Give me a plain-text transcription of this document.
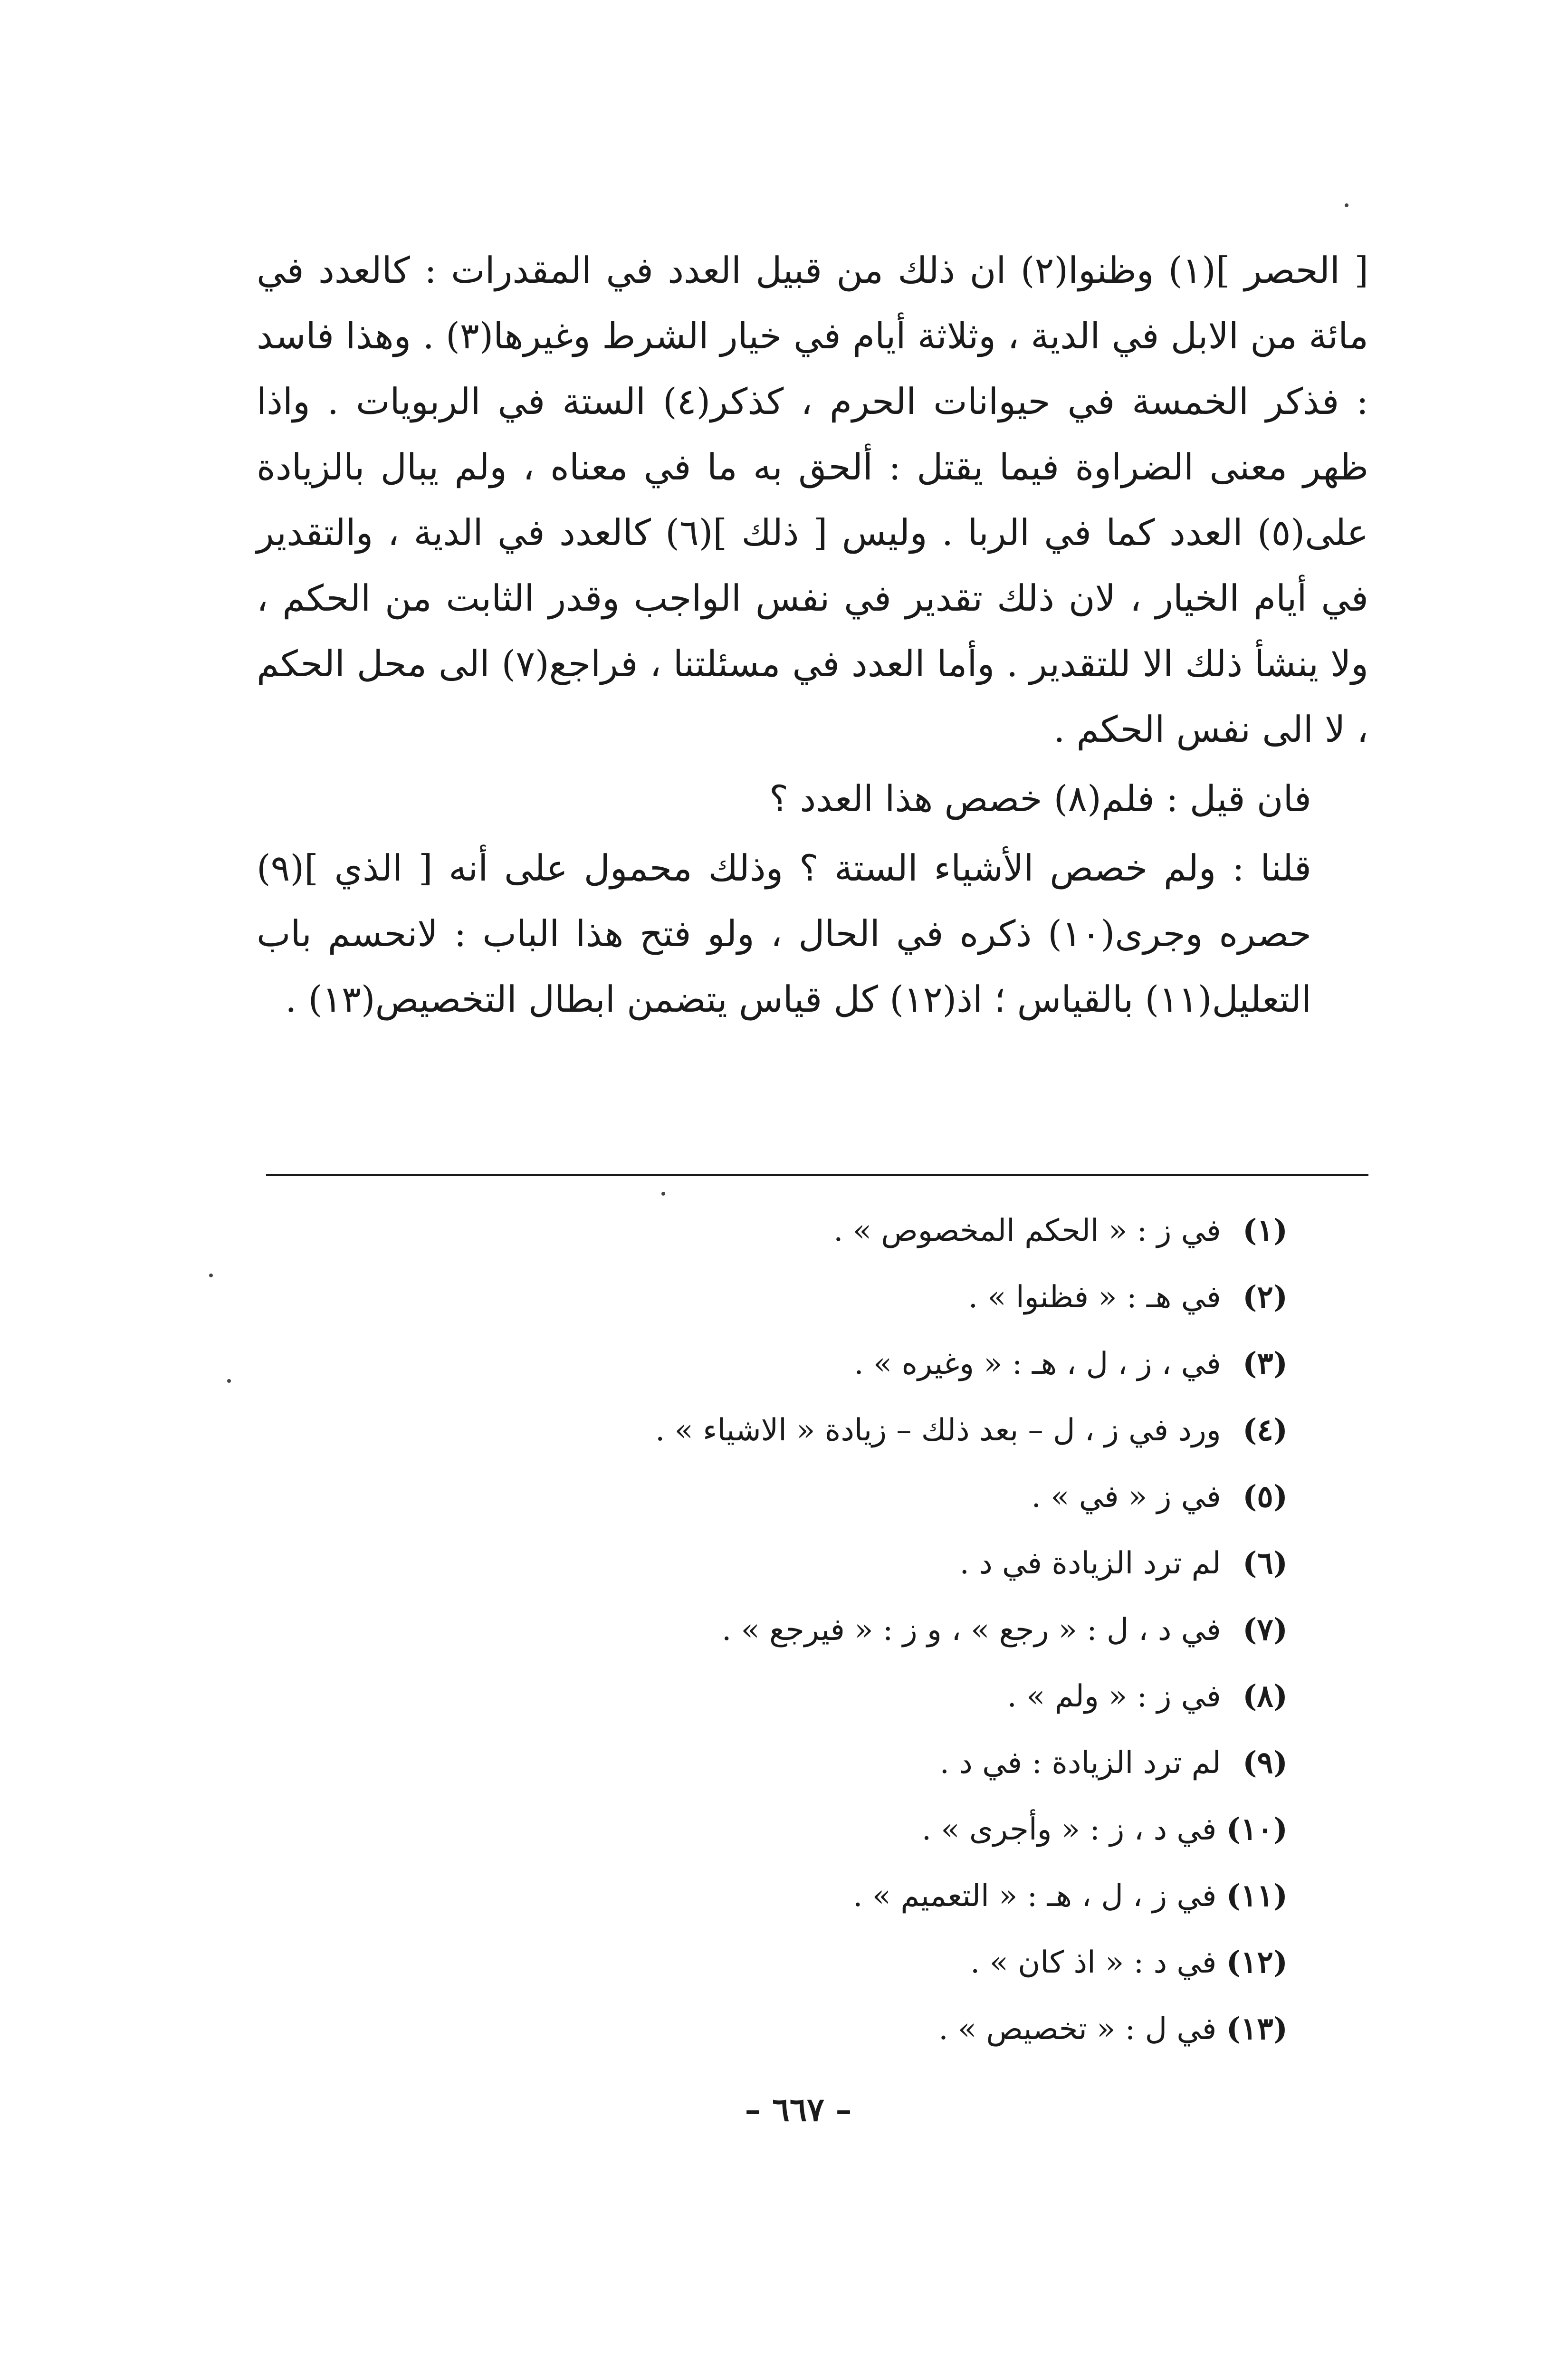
[ الحصر ](١) وظنوا(٢) ان ذلك من قبيل العدد في المقدرات : كالعدد في مائة من الابل في الدية ، وثلاثة أيام في خيار الشرط وغيرها(٣) . وهذا فاسد : فذكر الخمسة في حيوانات الحرم ، كذكر(٤) الستة في الربويات . واذا ظهر معنى الضراوة فيما يقتل : ألحق به ما في معناه ، ولم يبال بالزيادة على(٥) العدد كما في الربا . وليس [ ذلك ](٦) كالعدد في الدية ، والتقدير في أيام الخيار ، لان ذلك تقدير في نفس الواجب وقدر الثابت من الحكم ، ولا ينشأ ذلك الا للتقدير . وأما العدد في مسئلتنا ، فراجع(٧) الى محل الحكم ، لا الى نفس الحكم .

فان قيل : فلم(٨) خصص هذا العدد ؟

قلنا : ولم خصص الأشياء الستة ؟ وذلك محمول على أنه [ الذي ](٩) حصره وجرى(١٠) ذكره في الحال ، ولو فتح هذا الباب : لانحسم باب التعليل(١١) بالقياس ؛ اذ(١٢) كل قياس يتضمن ابطال التخصيص(١٣) .

(١) في ز : « الحكم المخصوص » .
(٢) في هـ : « فظنوا » .
(٣) في ، ز ، ل ، هـ : « وغيره » .
(٤) ورد في ز ، ل – بعد ذلك – زيادة « الاشياء » .
(٥) في ز « في » .
(٦) لم ترد الزيادة في د .
(٧) في د ، ل : « رجع » ، و ز : « فيرجع » .
(٨) في ز : « ولم » .
(٩) لم ترد الزيادة : في د .
(١٠) في د ، ز : « وأجرى » .
(١١) في ز ، ل ، هـ : « التعميم » .
(١٢) في د : « اذ كان » .
(١٣) في ل : « تخصيص » .
– ٦٦٧ –
